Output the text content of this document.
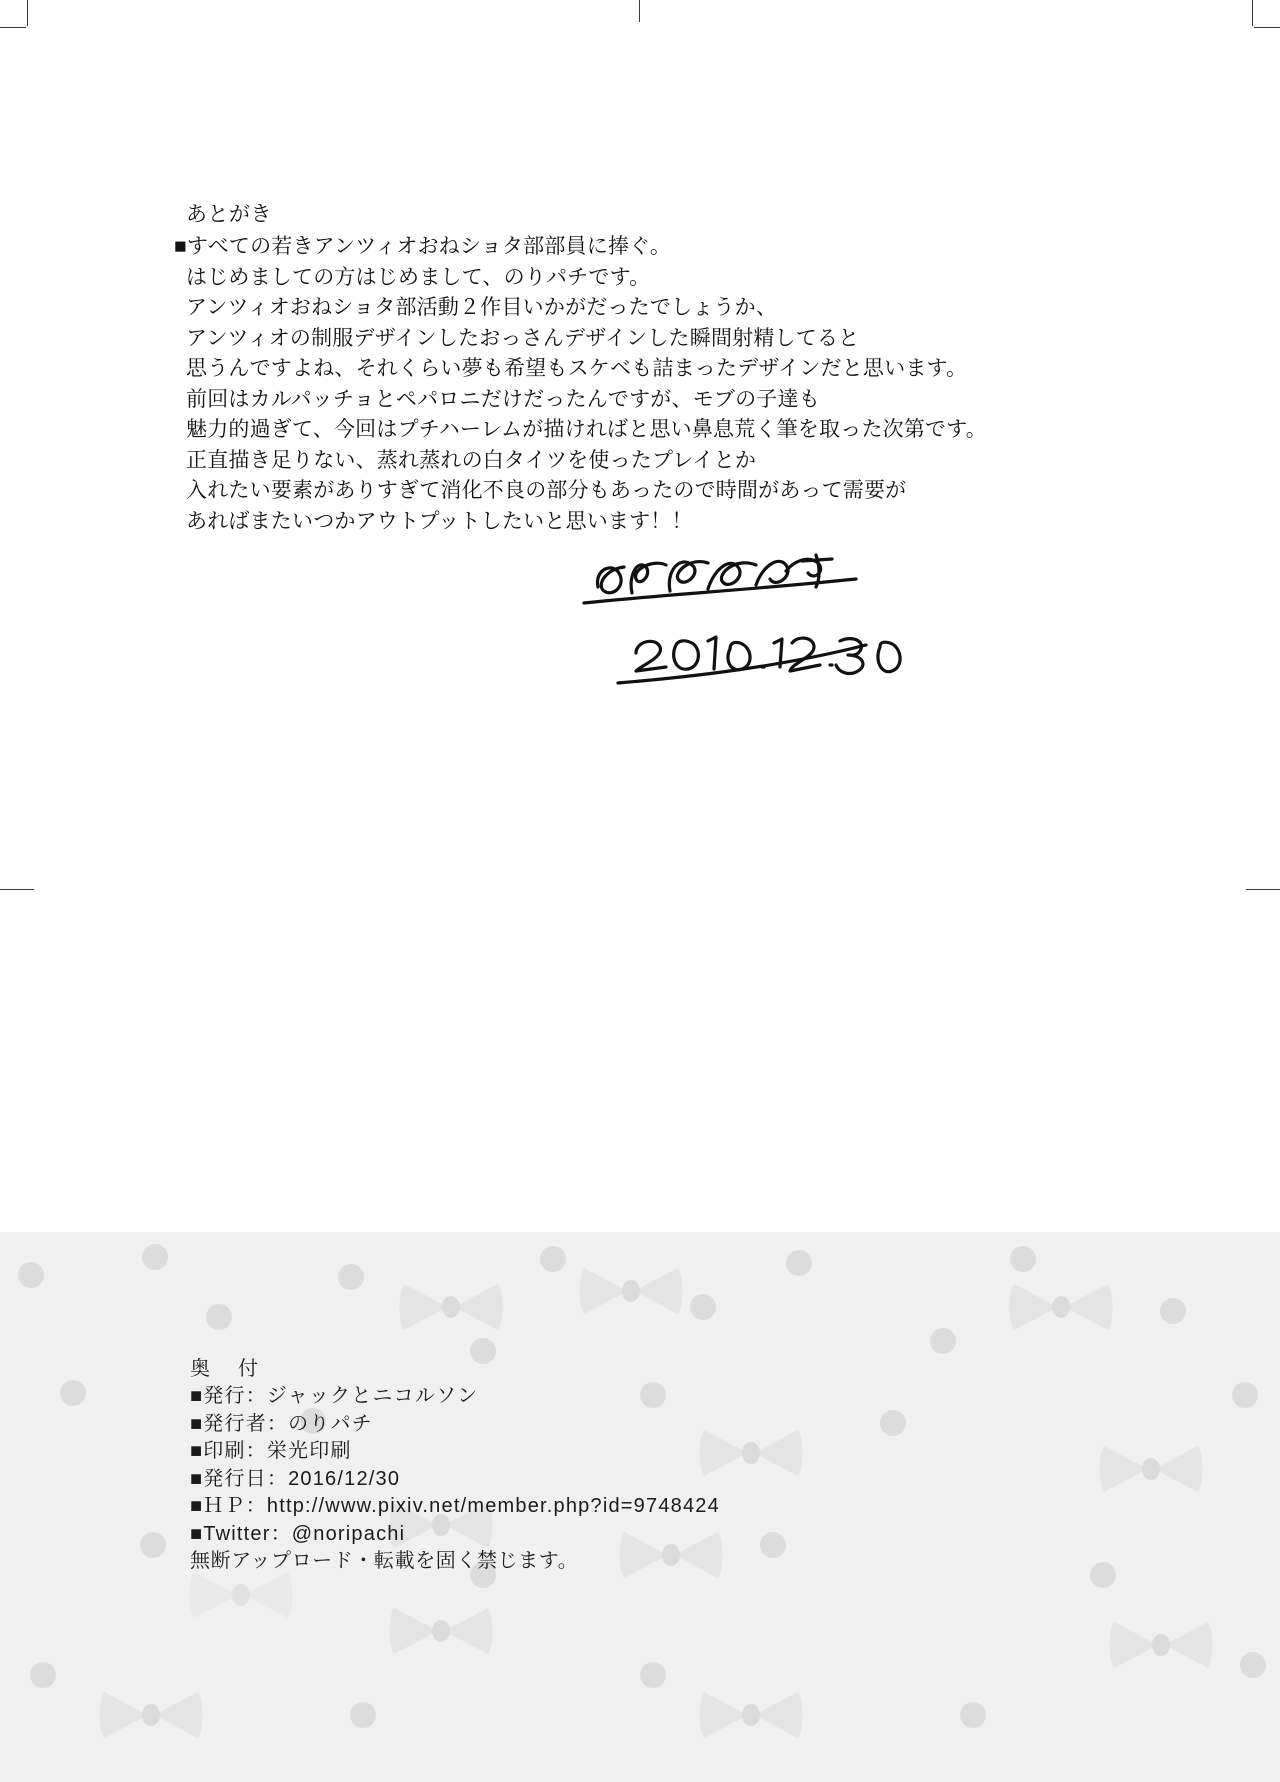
あとがき
■すべての若きアンツィオおねショタ部部員に捧ぐ。
はじめましての方はじめまして、のりパチです。
アンツィオおねショタ部活動２作目いかがだったでしょうか、
アンツィオの制服デザインしたおっさんデザインした瞬間射精してると
思うんですよね、それくらい夢も希望もスケベも詰まったデザインだと思います。
前回はカルパッチョとペパロニだけだったんですが、モブの子達も
魅力的過ぎて、今回はプチハーレムが描ければと思い鼻息荒く筆を取った次第です。
正直描き足りない、蒸れ蒸れの白タイツを使ったプレイとか
入れたい要素がありすぎて消化不良の部分もあったので時間があって需要が
あればまたいつかアウトプットしたいと思います！！
奥　付
■発行：ジャックとニコルソン
■発行者：のりパチ
■印刷：栄光印刷
■発行日：2016/12/30
■ＨＰ：http://www.pixiv.net/member.php?id=9748424
■Twitter：@noripachi
無断アップロード・転載を固く禁じます。
